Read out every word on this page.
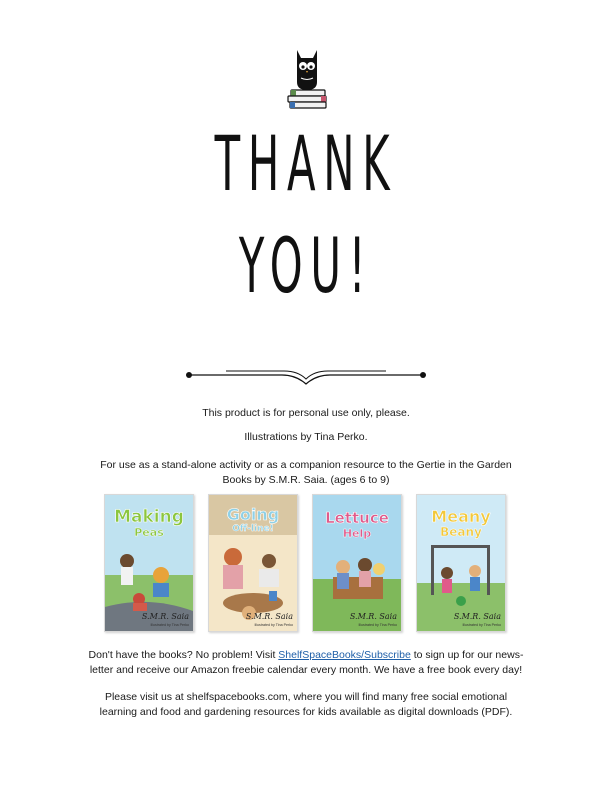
THANK
YOU!
This product is for personal use only, please.
Illustrations by Tina Perko.
For use as a stand-alone activity or as a companion resource to the Gertie in the Garden
Books by S.M.R. Saia. (ages 6 to 9)
Making
Peas
S.M.R. Saia
Illustrated by Tina Perko
Going
Off-line!
S.M.R. Saia
Illustrated by Tina Perko
Lettuce
Help
S.M.R. Saia
Illustrated by Tina Perko
Meany
Beany
S.M.R. Saia
Illustrated by Tina Perko
Don't have the books? No problem! Visit ShelfSpaceBooks/Subscribe to sign up for our news-
letter and receive our Amazon freebie calendar every month. We have a free book every day!
Please visit us at shelfspacebooks.com, where you will find many free social emotional
learning and food and gardening resources for kids available as digital downloads (PDF).
